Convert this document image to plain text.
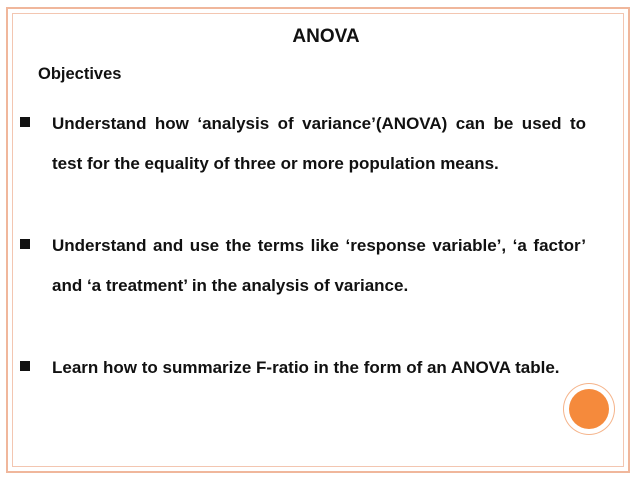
ANOVA
Objectives
Understand how ‘analysis of variance’(ANOVA) can be used to test for the equality of three or more population means.
Understand and use the terms like ‘response variable’, ‘a factor’ and ‘a treatment’ in the analysis of variance.
Learn how to summarize F-ratio in the form of an ANOVA table.
